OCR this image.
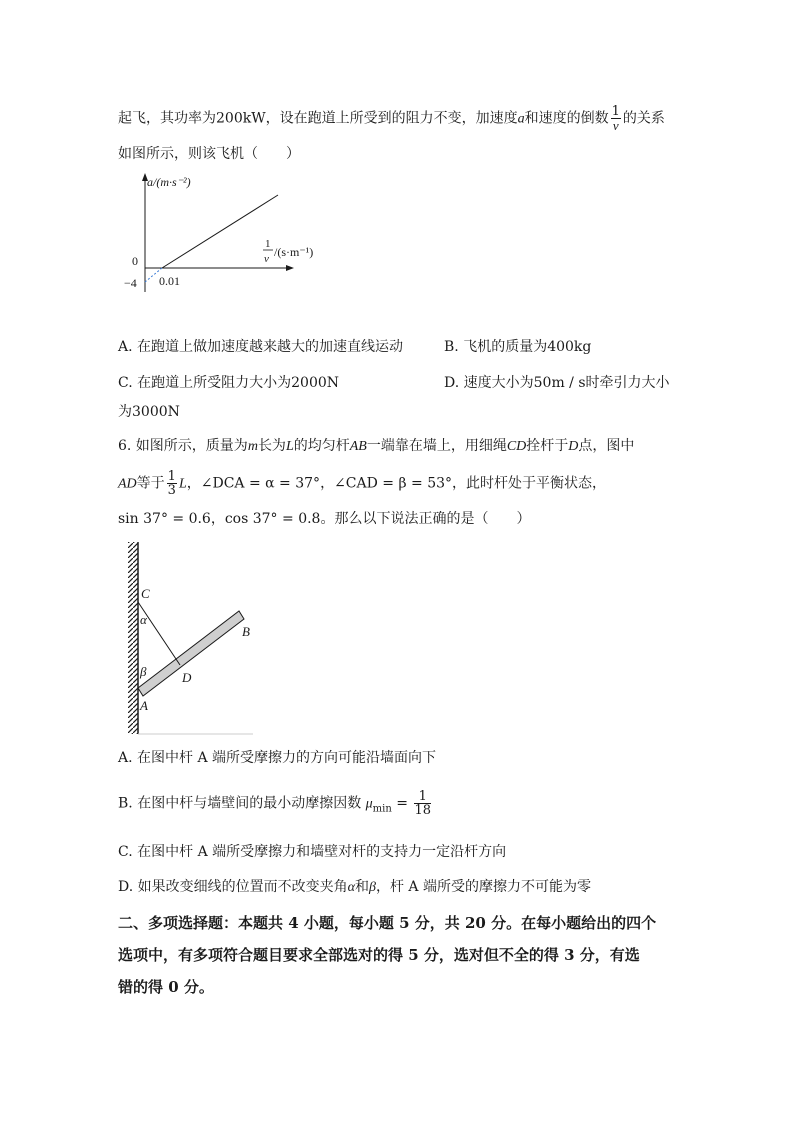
起飞，其功率为200kW，设在跑道上所受到的阻力不变，加速度a和速度的倒数 $\frac{1}{v}$ 的关系
如图所示，则该飞机（　　）
a/(m·s⁻²)
0
−4 0.01
1
v /(s·m⁻¹)
A. 在跑道上做加速度越来越大的加速直线运动	B. 飞机的质量为400kg
C. 在跑道上所受阻力大小为2000N	D. 速度大小为50m / s时牵引力大小
为3000N
6. 如图所示，质量为m长为L的均匀杆AB一端靠在墙上，用细绳CD拴杆于D点，图中
AD等于 $\frac{1}{3}$ L，∠DCA = α = 37°，∠CAD = β = 53°，此时杆处于平衡状态，
sin 37° = 0.6，cos 37° = 0.8。那么以下说法正确的是（　　）
C
α
β	D
A
B
A. 在图中杆 A 端所受摩擦力的方向可能沿墙面向下
B. 在图中杆与墙壁间的最小动摩擦因数 $\mu_{min} = \frac{1}{18}$
C. 在图中杆 A 端所受摩擦力和墙壁对杆的支持力一定沿杆方向
D. 如果改变细线的位置而不改变夹角α和β，杆 A 端所受的摩擦力不可能为零
二、多项选择题：本题共 4 小题，每小题 5 分，共 20 分。在每小题给出的四个
选项中，有多项符合题目要求全部选对的得 5 分，选对但不全的得 3 分，有选
错的得 0 分。
